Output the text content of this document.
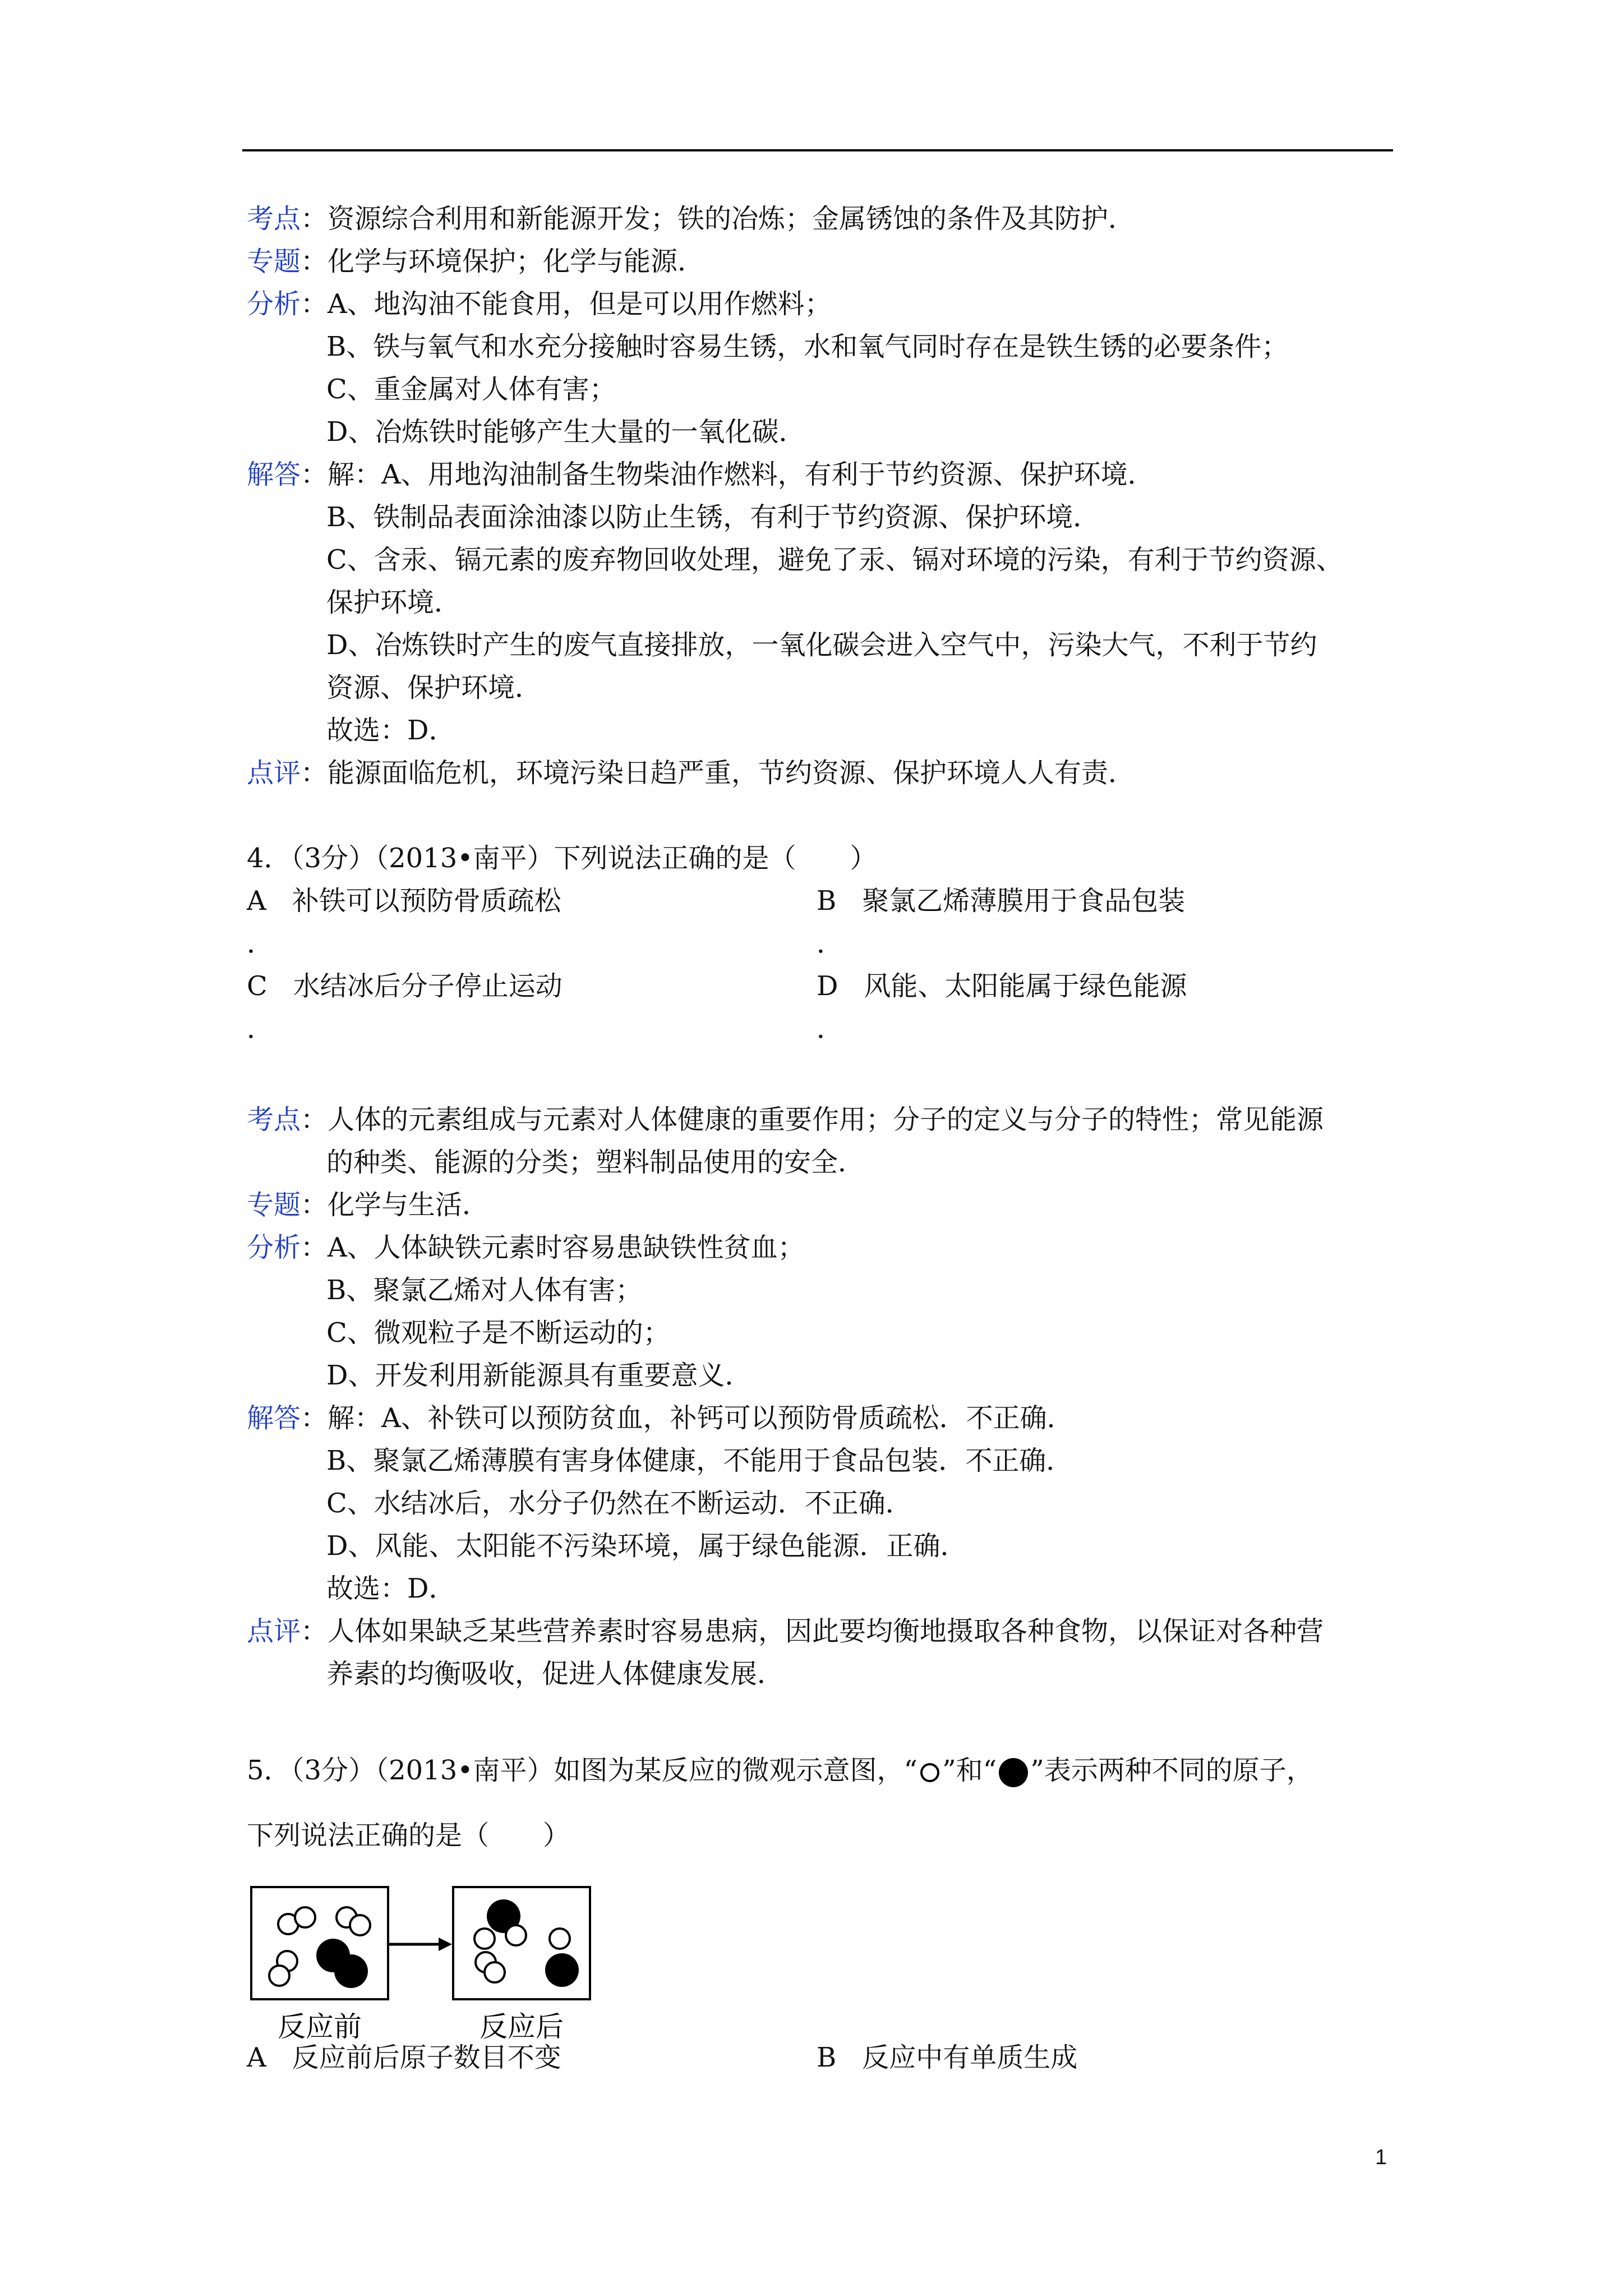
考点：资源综合利用和新能源开发；铁的冶炼；金属锈蚀的条件及其防护．
专题：化学与环境保护；化学与能源．
分析：A、地沟油不能食用，但是可以用作燃料；
B、铁与氧气和水充分接触时容易生锈，水和氧气同时存在是铁生锈的必要条件；
C、重金属对人体有害；
D、冶炼铁时能够产生大量的一氧化碳．
解答：解：A、用地沟油制备生物柴油作燃料，有利于节约资源、保护环境．
B、铁制品表面涂油漆以防止生锈，有利于节约资源、保护环境．
C、含汞、镉元素的废弃物回收处理，避免了汞、镉对环境的污染，有利于节约资源、
保护环境．
D、冶炼铁时产生的废气直接排放，一氧化碳会进入空气中，污染大气，不利于节约
资源、保护环境．
故选：D．
点评：能源面临危机，环境污染日趋严重，节约资源、保护环境人人有责．
4．（3分）（2013•南平）下列说法正确的是（　　）
A 补铁可以预防骨质疏松	B 聚氯乙烯薄膜用于食品包装
．	．
C 水结冰后分子停止运动	D 风能、太阳能属于绿色能源
．	．
考点：人体的元素组成与元素对人体健康的重要作用；分子的定义与分子的特性；常见能源
的种类、能源的分类；塑料制品使用的安全．
专题：化学与生活．
分析：A、人体缺铁元素时容易患缺铁性贫血；
B、聚氯乙烯对人体有害；
C、微观粒子是不断运动的；
D、开发利用新能源具有重要意义．
解答：解：A、补铁可以预防贫血，补钙可以预防骨质疏松．不正确．
B、聚氯乙烯薄膜有害身体健康，不能用于食品包装．不正确．
C、水结冰后，水分子仍然在不断运动．不正确．
D、风能、太阳能不污染环境，属于绿色能源．正确．
故选：D．
点评：人体如果缺乏某些营养素时容易患病，因此要均衡地摄取各种食物，以保证对各种营
养素的均衡吸收，促进人体健康发展．
5．（3分）（2013•南平）如图为某反应的微观示意图，“ ”和“ ”表示两种不同的原子，
下列说法正确的是（　　）
反应前	反应后
A 反应前后原子数目不变	B 反应中有单质生成
1
